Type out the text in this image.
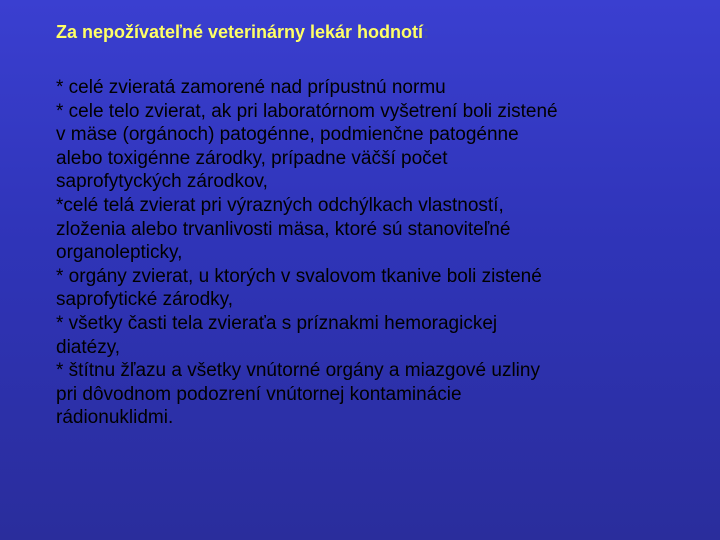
Za nepožívateľné veterinárny lekár hodnotí:
* celé zvieratá zamorené nad prípustnú normu
* cele telo zvierat, ak pri laboratórnom vyšetrení boli zistené
v mäse (orgánoch) patogénne, podmienčne patogénne
alebo toxigénne zárodky, prípadne väčší počet
saprofytyckých zárodkov,
*celé telá zvierat pri výrazných odchýlkach vlastností,
zloženia alebo trvanlivosti mäsa, ktoré sú stanoviteľné
organolepticky,
* orgány zvierat, u ktorých v svalovom tkanive boli zistené
saprofytické zárodky,
* všetky časti tela zvieraťa s príznakmi hemoragickej
diatézy,
* štítnu žľazu a všetky vnútorné orgány a miazgové uzliny
pri dôvodnom podozrení vnútornej kontaminácie
rádionuklidmi.
